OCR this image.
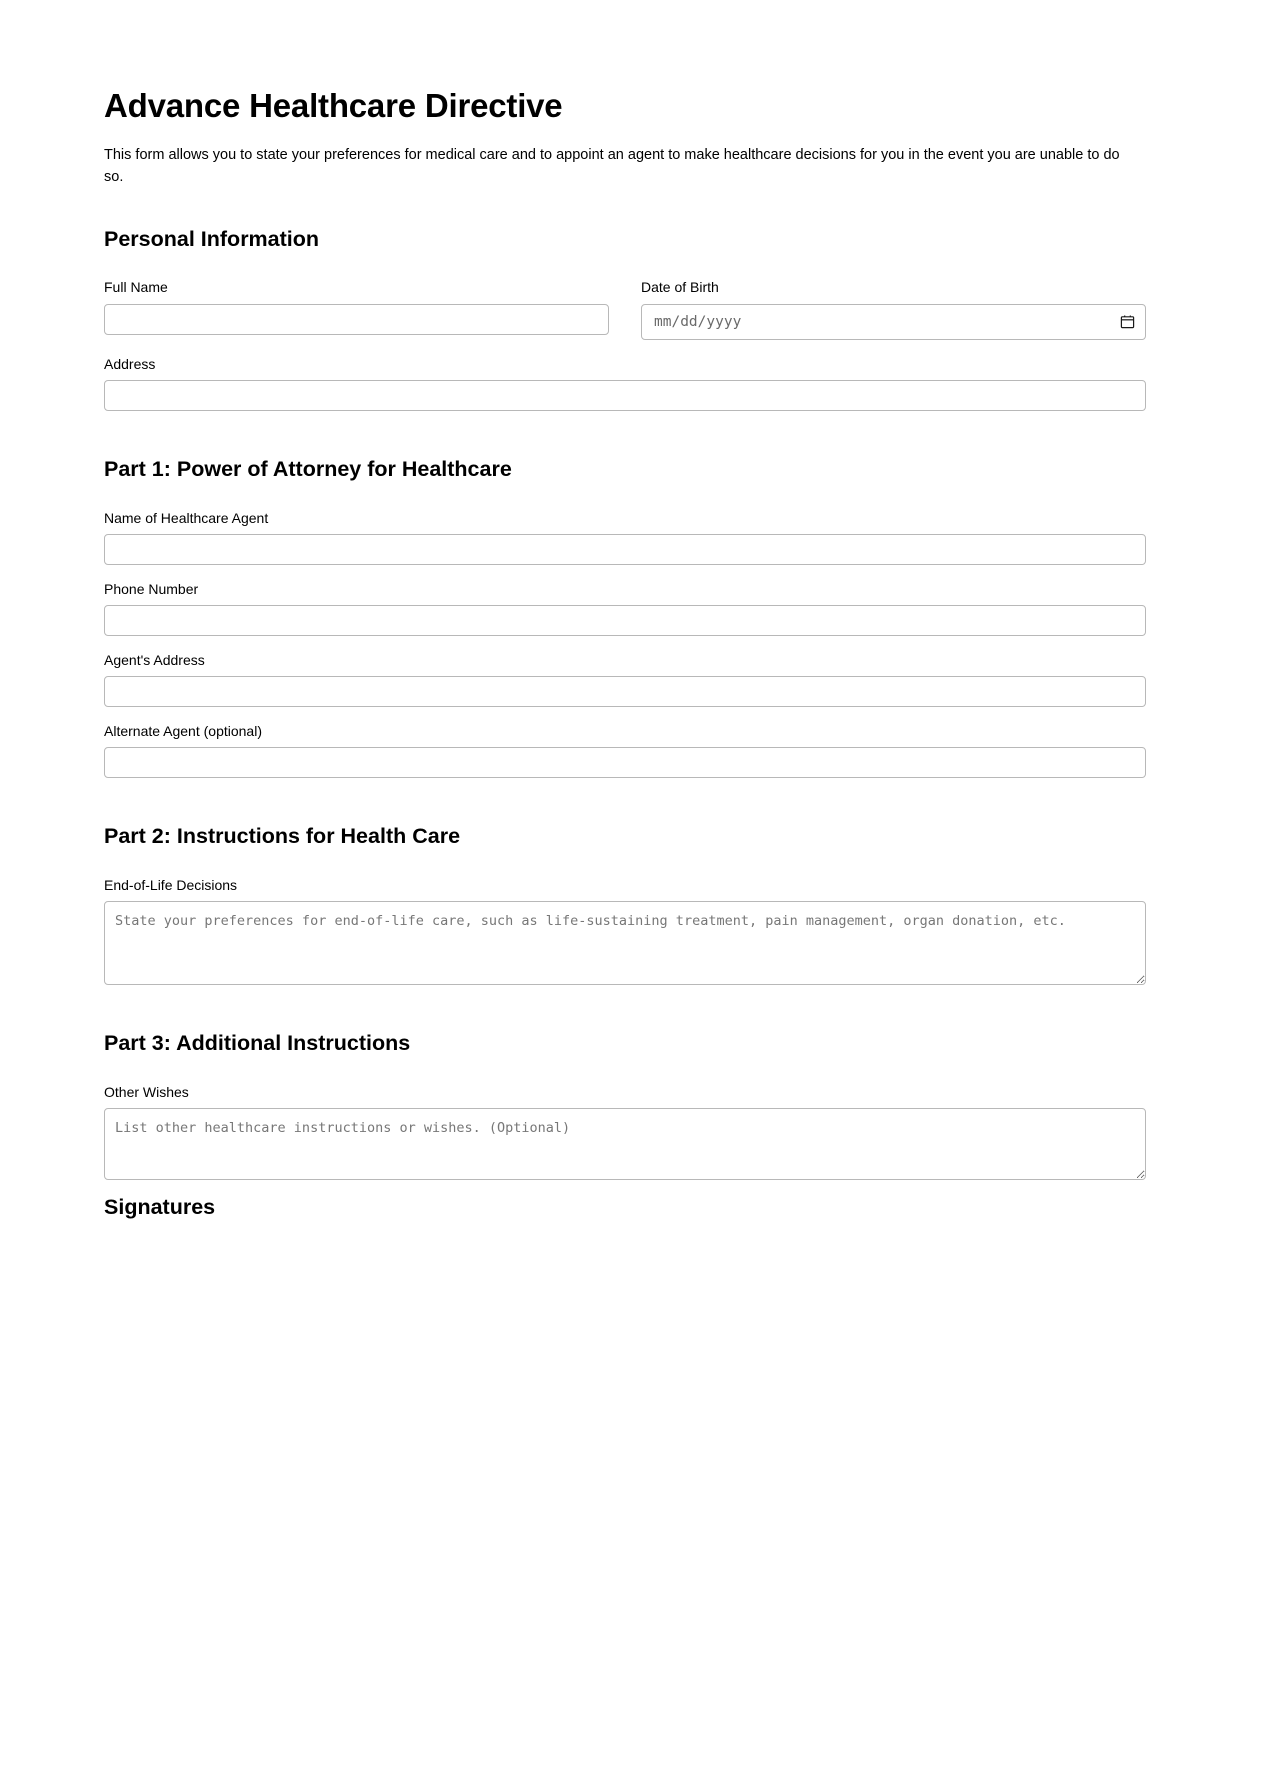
Advance Healthcare Directive

This form allows you to state your preferences for medical care and to appoint an agent to make healthcare decisions for you in the event you are unable to do so.

Personal Information
Full Name	Date of Birth
mm/dd/yyyy
Address
Part 1: Power of Attorney for Healthcare
Name of Healthcare Agent
Phone Number
Agent's Address
Alternate Agent (optional)
Part 2: Instructions for Health Care
End-of-Life Decisions
State your preferences for end-of-life care, such as life-sustaining treatment, pain management, organ donation, etc.
Part 3: Additional Instructions
Other Wishes
List other healthcare instructions or wishes. (Optional)
Signatures
